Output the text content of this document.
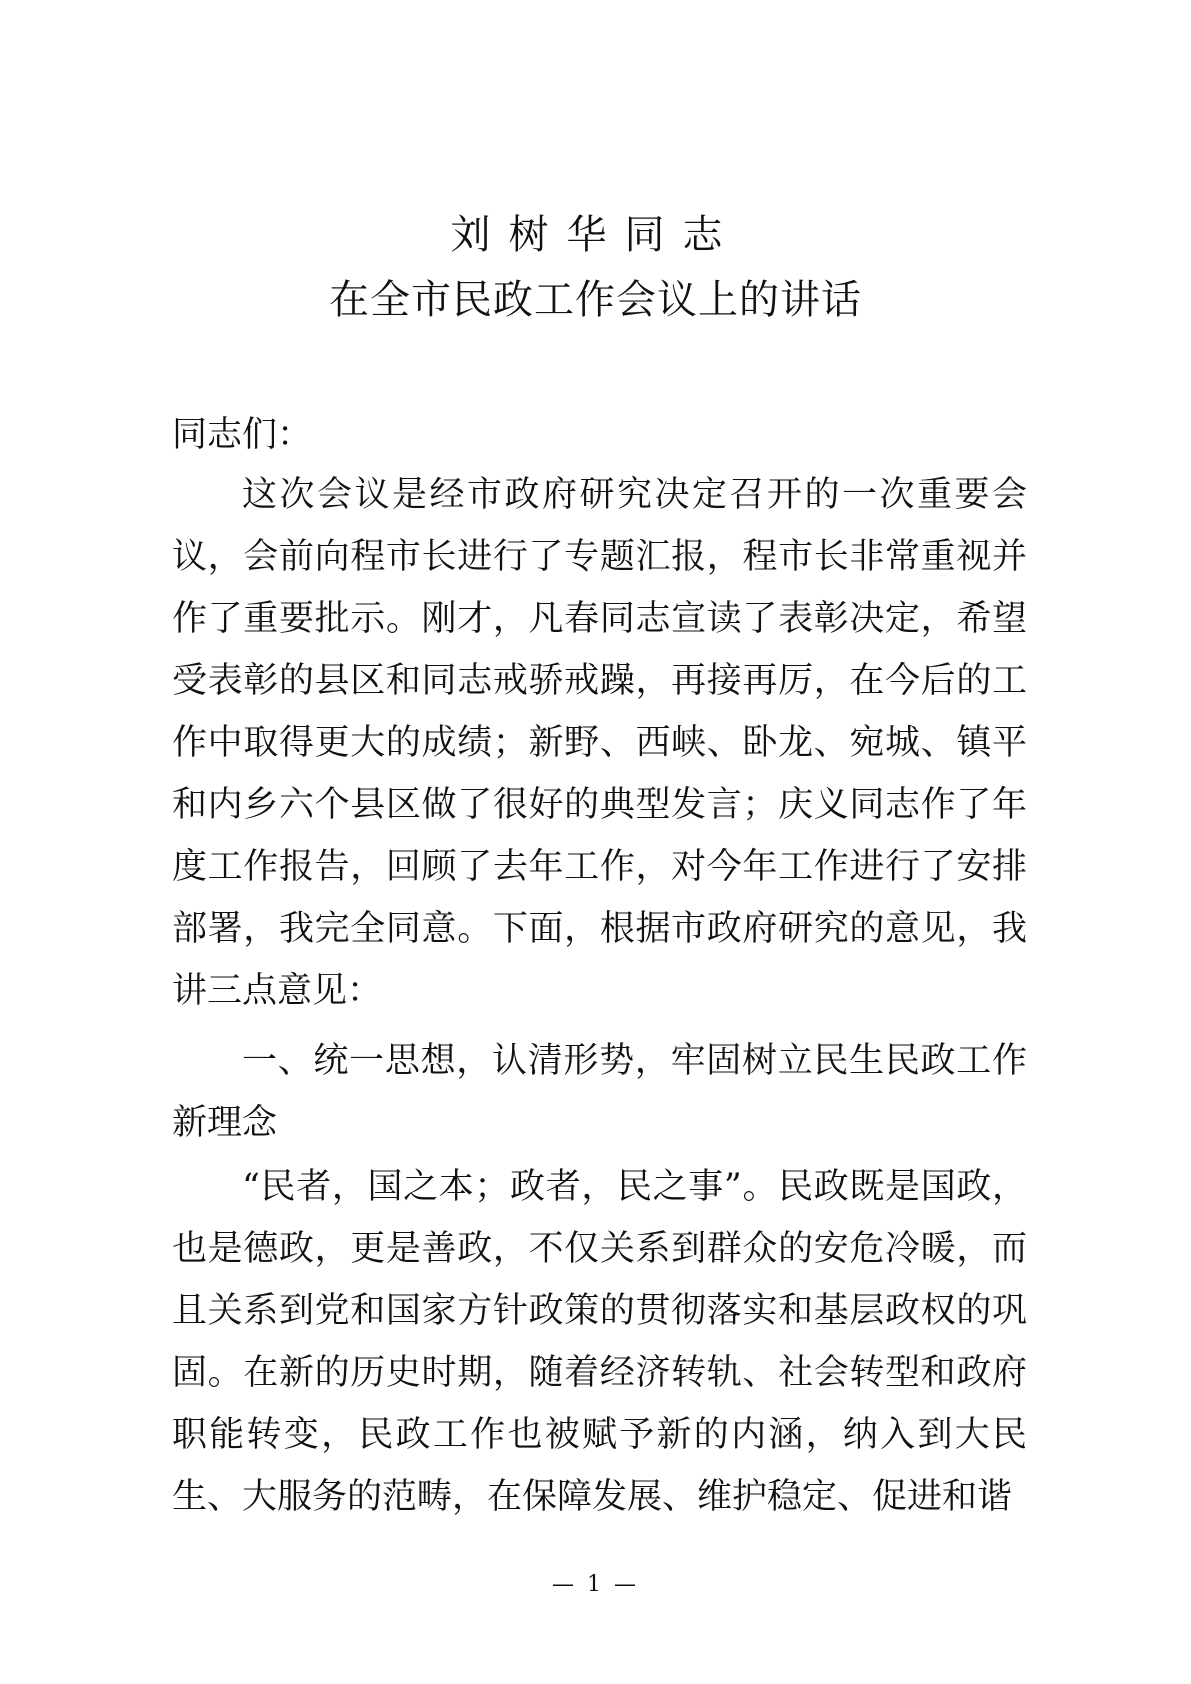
刘树华同志
在全市民政工作会议上的讲话

同志们：

这次会议是经市政府研究决定召开的一次重要会议，会前向程市长进行了专题汇报，程市长非常重视并作了重要批示。刚才，凡春同志宣读了表彰决定，希望受表彰的县区和同志戒骄戒躁，再接再厉，在今后的工作中取得更大的成绩；新野、西峡、卧龙、宛城、镇平和内乡六个县区做了很好的典型发言；庆义同志作了年度工作报告，回顾了去年工作，对今年工作进行了安排部署，我完全同意。下面，根据市政府研究的意见，我讲三点意见：

一、统一思想，认清形势，牢固树立民生民政工作新理念

“民者，国之本；政者，民之事”。民政既是国政，也是德政，更是善政，不仅关系到群众的安危冷暖，而且关系到党和国家方针政策的贯彻落实和基层政权的巩固。在新的历史时期，随着经济转轨、社会转型和政府职能转变，民政工作也被赋予新的内涵，纳入到大民生、大服务的范畴，在保障发展、维护稳定、促进和谐

— 1 —
